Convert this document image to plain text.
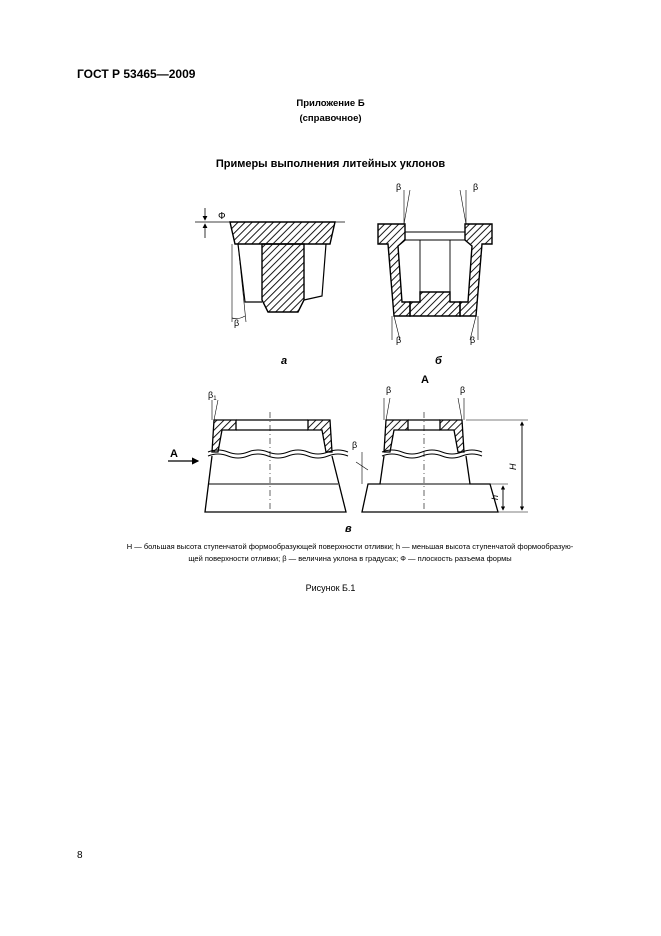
ГОСТ Р 53465—2009
Приложение Б
(справочное)
Примеры выполнения литейных уклонов
Ф
β
а
β	β
β	β
б
$\beta_1$
А
А
β	β
β
H
h
в
H — большая высота ступенчатой формообразующей поверхности отливки; h — меньшая высота ступенчатой формообразую-
щей поверхности отливки; β — величина уклона в градусах; Ф — плоскость разъема формы
Рисунок Б.1
8
